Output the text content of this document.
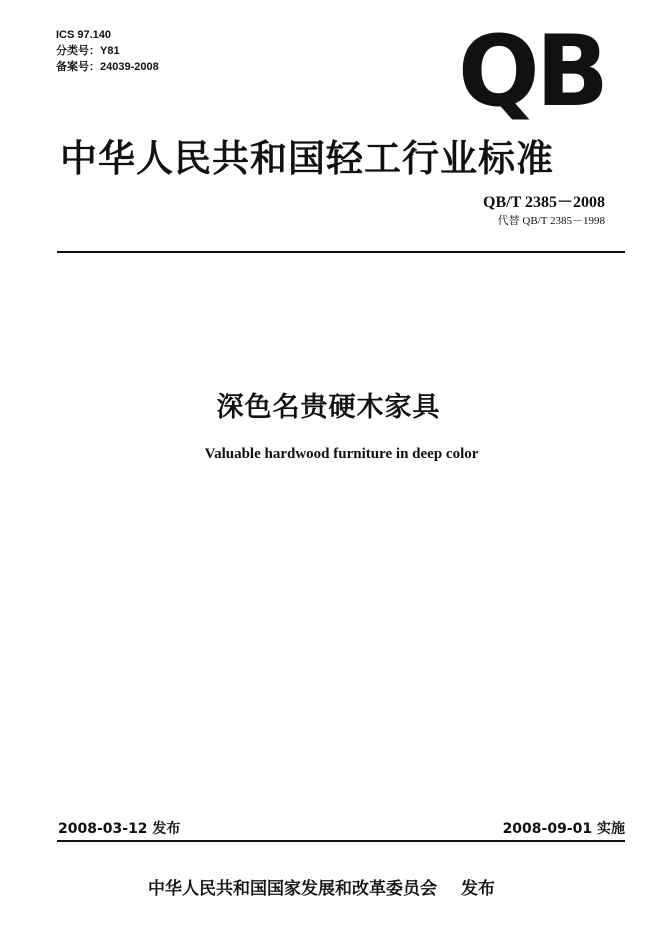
ICS 97.140
分类号：Y81
备案号：24039-2008	QB
中华人民共和国轻工行业标准
QB/T 2385－2008
代替 QB/T 2385－1998
深色名贵硬木家具
Valuable hardwood furniture in deep color
2008-03-12 发布	2008-09-01 实施
中华人民共和国国家发展和改革委员会 发布
